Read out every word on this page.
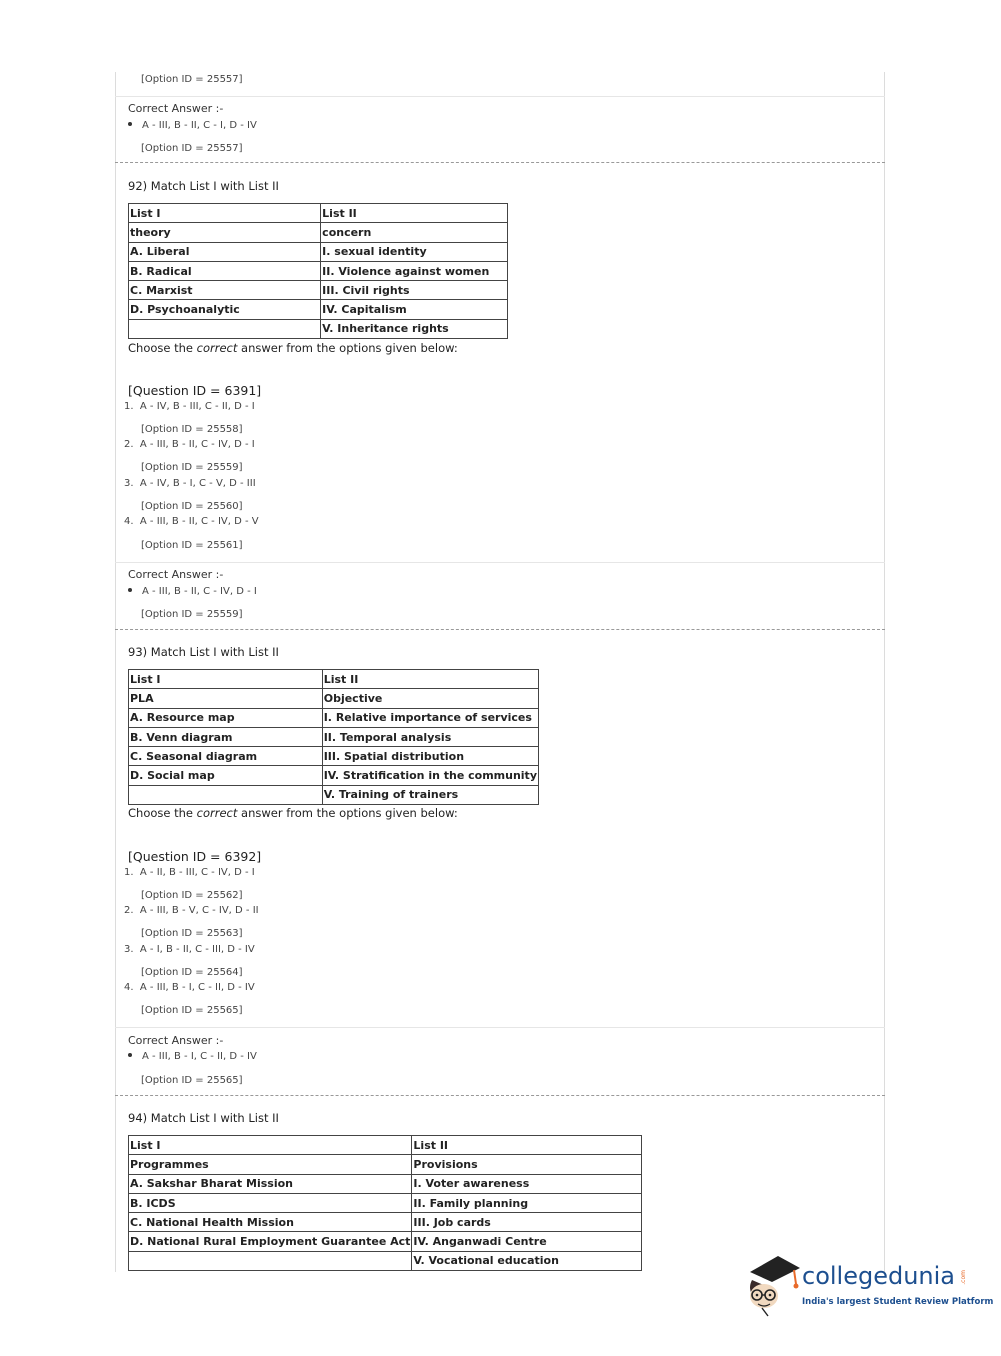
[Option ID = 25557]
Correct Answer :-
A - III, B - II, C - I, D - IV
[Option ID = 25557]
92) Match List I with List II
List I	List II
theory	concern
A. Liberal	I. sexual identity
B. Radical	II. Violence against women
C. Marxist	III. Civil rights
D. Psychoanalytic	IV. Capitalism
	V. Inheritance rights
Choose the correct answer from the options given below:
[Question ID = 6391]
1. A - IV, B - III, C - II, D - I
[Option ID = 25558]
2. A - III, B - II, C - IV, D - I
[Option ID = 25559]
3. A - IV, B - I, C - V, D - III
[Option ID = 25560]
4. A - III, B - II, C - IV, D - V
[Option ID = 25561]
Correct Answer :-
A - III, B - II, C - IV, D - I
[Option ID = 25559]
93) Match List I with List II
List I	List II
PLA	Objective
A. Resource map	I. Relative importance of services
B. Venn diagram	II. Temporal analysis
C. Seasonal diagram	III. Spatial distribution
D. Social map	IV. Stratification in the community
	V. Training of trainers
Choose the correct answer from the options given below:
[Question ID = 6392]
1. A - II, B - III, C - IV, D - I
[Option ID = 25562]
2. A - III, B - V, C - IV, D - II
[Option ID = 25563]
3. A - I, B - II, C - III, D - IV
[Option ID = 25564]
4. A - III, B - I, C - II, D - IV
[Option ID = 25565]
Correct Answer :-
A - III, B - I, C - II, D - IV
[Option ID = 25565]
94) Match List I with List II
List I	List II
Programmes	Provisions
A. Sakshar Bharat Mission	I. Voter awareness
B. ICDS	II. Family planning
C. National Health Mission	III. Job cards
D. National Rural Employment Guarantee Act	IV. Anganwadi Centre
	V. Vocational education
collegedunia .com
India's largest Student Review Platform
